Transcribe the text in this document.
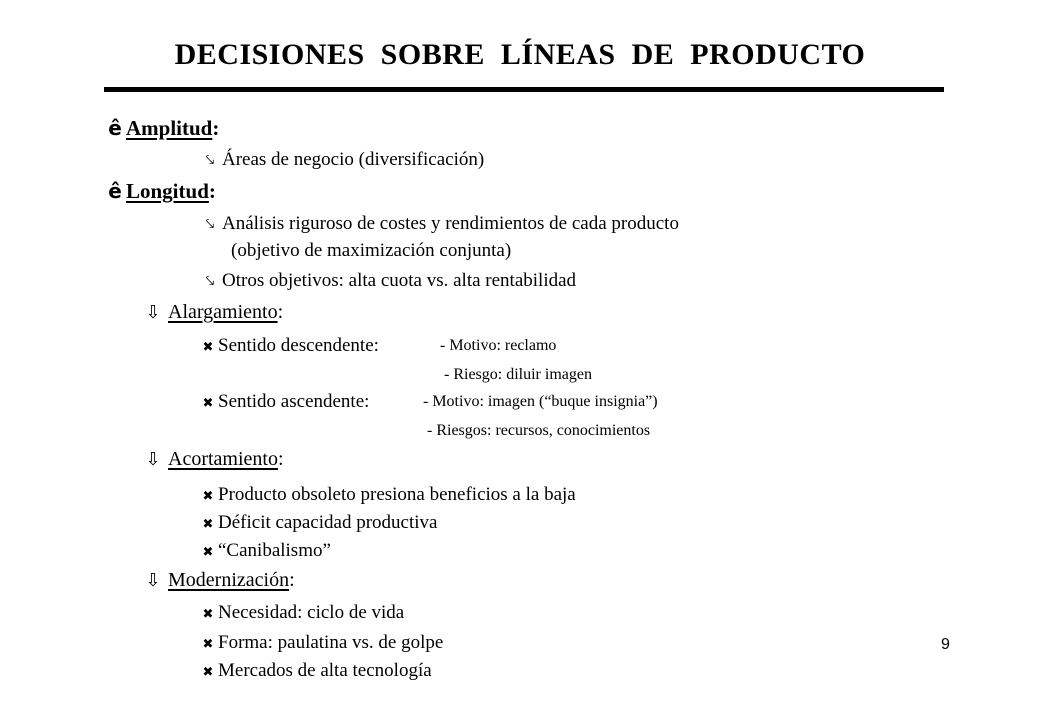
DECISIONES SOBRE LÍNEAS DE PRODUCTO
ê Amplitud:
⤥ Áreas de negocio (diversificación)
ê Longitud:
⤥ Análisis riguroso de costes y rendimientos de cada producto
(objetivo de maximización conjunta)
⤥ Otros objetivos: alta cuota vs. alta rentabilidad
⇩ Alargamiento:
✖ Sentido descendente:	- Motivo: reclamo
- Riesgo: diluir imagen
✖ Sentido ascendente:	- Motivo: imagen (“buque insignia”)
- Riesgos: recursos, conocimientos
⇩ Acortamiento:
✖ Producto obsoleto presiona beneficios a la baja
✖ Déficit capacidad productiva
✖ “Canibalismo”
⇩ Modernización:
✖ Necesidad: ciclo de vida
✖ Forma: paulatina vs. de golpe
✖ Mercados de alta tecnología
9
